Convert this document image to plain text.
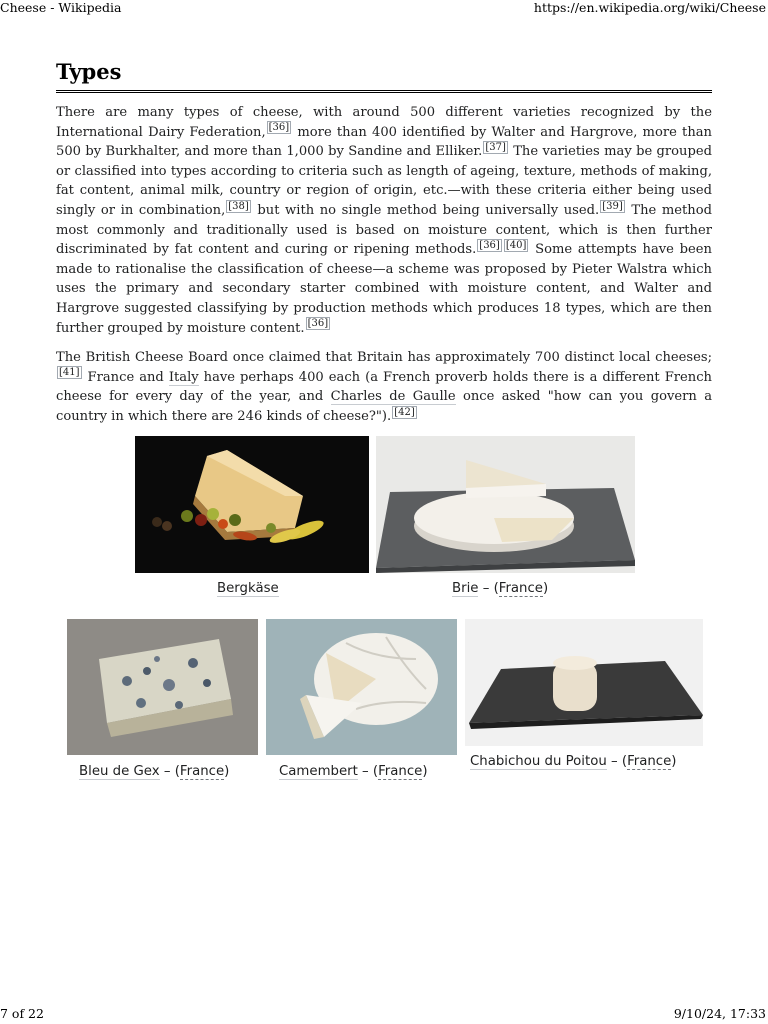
Cheese - Wikipedia	https://en.wikipedia.org/wiki/Cheese
Types

There are many types of cheese, with around 500 different varieties recognized by the International Dairy Federation, [36] more than 400 identified by Walter and Hargrove, more than 500 by Burkhalter, and more than 1,000 by Sandine and Elliker. [37] The varieties may be grouped or classified into types according to criteria such as length of ageing, texture, methods of making, fat content, animal milk, country or region of origin, etc.—with these criteria either being used singly or in combination, [38] but with no single method being universally used. [39] The method most commonly and traditionally used is based on moisture content, which is then further discriminated by fat content and curing or ripening methods. [36] [40] Some attempts have been made to rationalise the classification of cheese—a scheme was proposed by Pieter Walstra which uses the primary and secondary starter combined with moisture content, and Walter and Hargrove suggested classifying by production methods which produces 18 types, which are then further grouped by moisture content. [36]

The British Cheese Board once claimed that Britain has approximately 700 distinct local cheeses;[41] France and Italy have perhaps 400 each (a French proverb holds there is a different French cheese for every day of the year, and Charles de Gaulle once asked "how can you govern a country in which there are 246 kinds of cheese?"). [42]

Bergkäse	Brie – (France)
Bleu de Gex – (France)	Camembert – (France)
Chabichou du Poitou – (France)
7 of 22	9/10/24, 17:33
